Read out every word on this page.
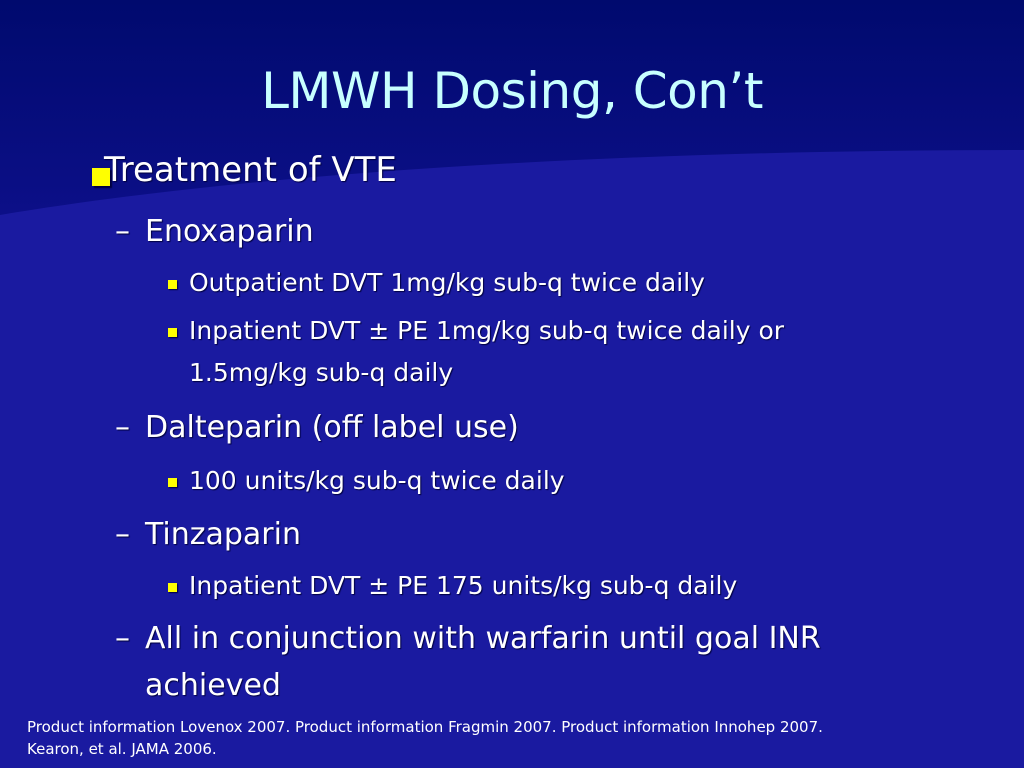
LMWH Dosing, Con’t
Treatment of VTE
– Enoxaparin
Outpatient DVT 1mg/kg sub-q twice daily
Inpatient DVT ± PE 1mg/kg sub-q twice daily or
1.5mg/kg sub-q daily
– Dalteparin (off label use)
100 units/kg sub-q twice daily
– Tinzaparin
Inpatient DVT ± PE 175 units/kg sub-q daily
– All in conjunction with warfarin until goal INR
achieved
Product information Lovenox 2007. Product information Fragmin 2007. Product information Innohep 2007.
Kearon, et al. JAMA 2006.
